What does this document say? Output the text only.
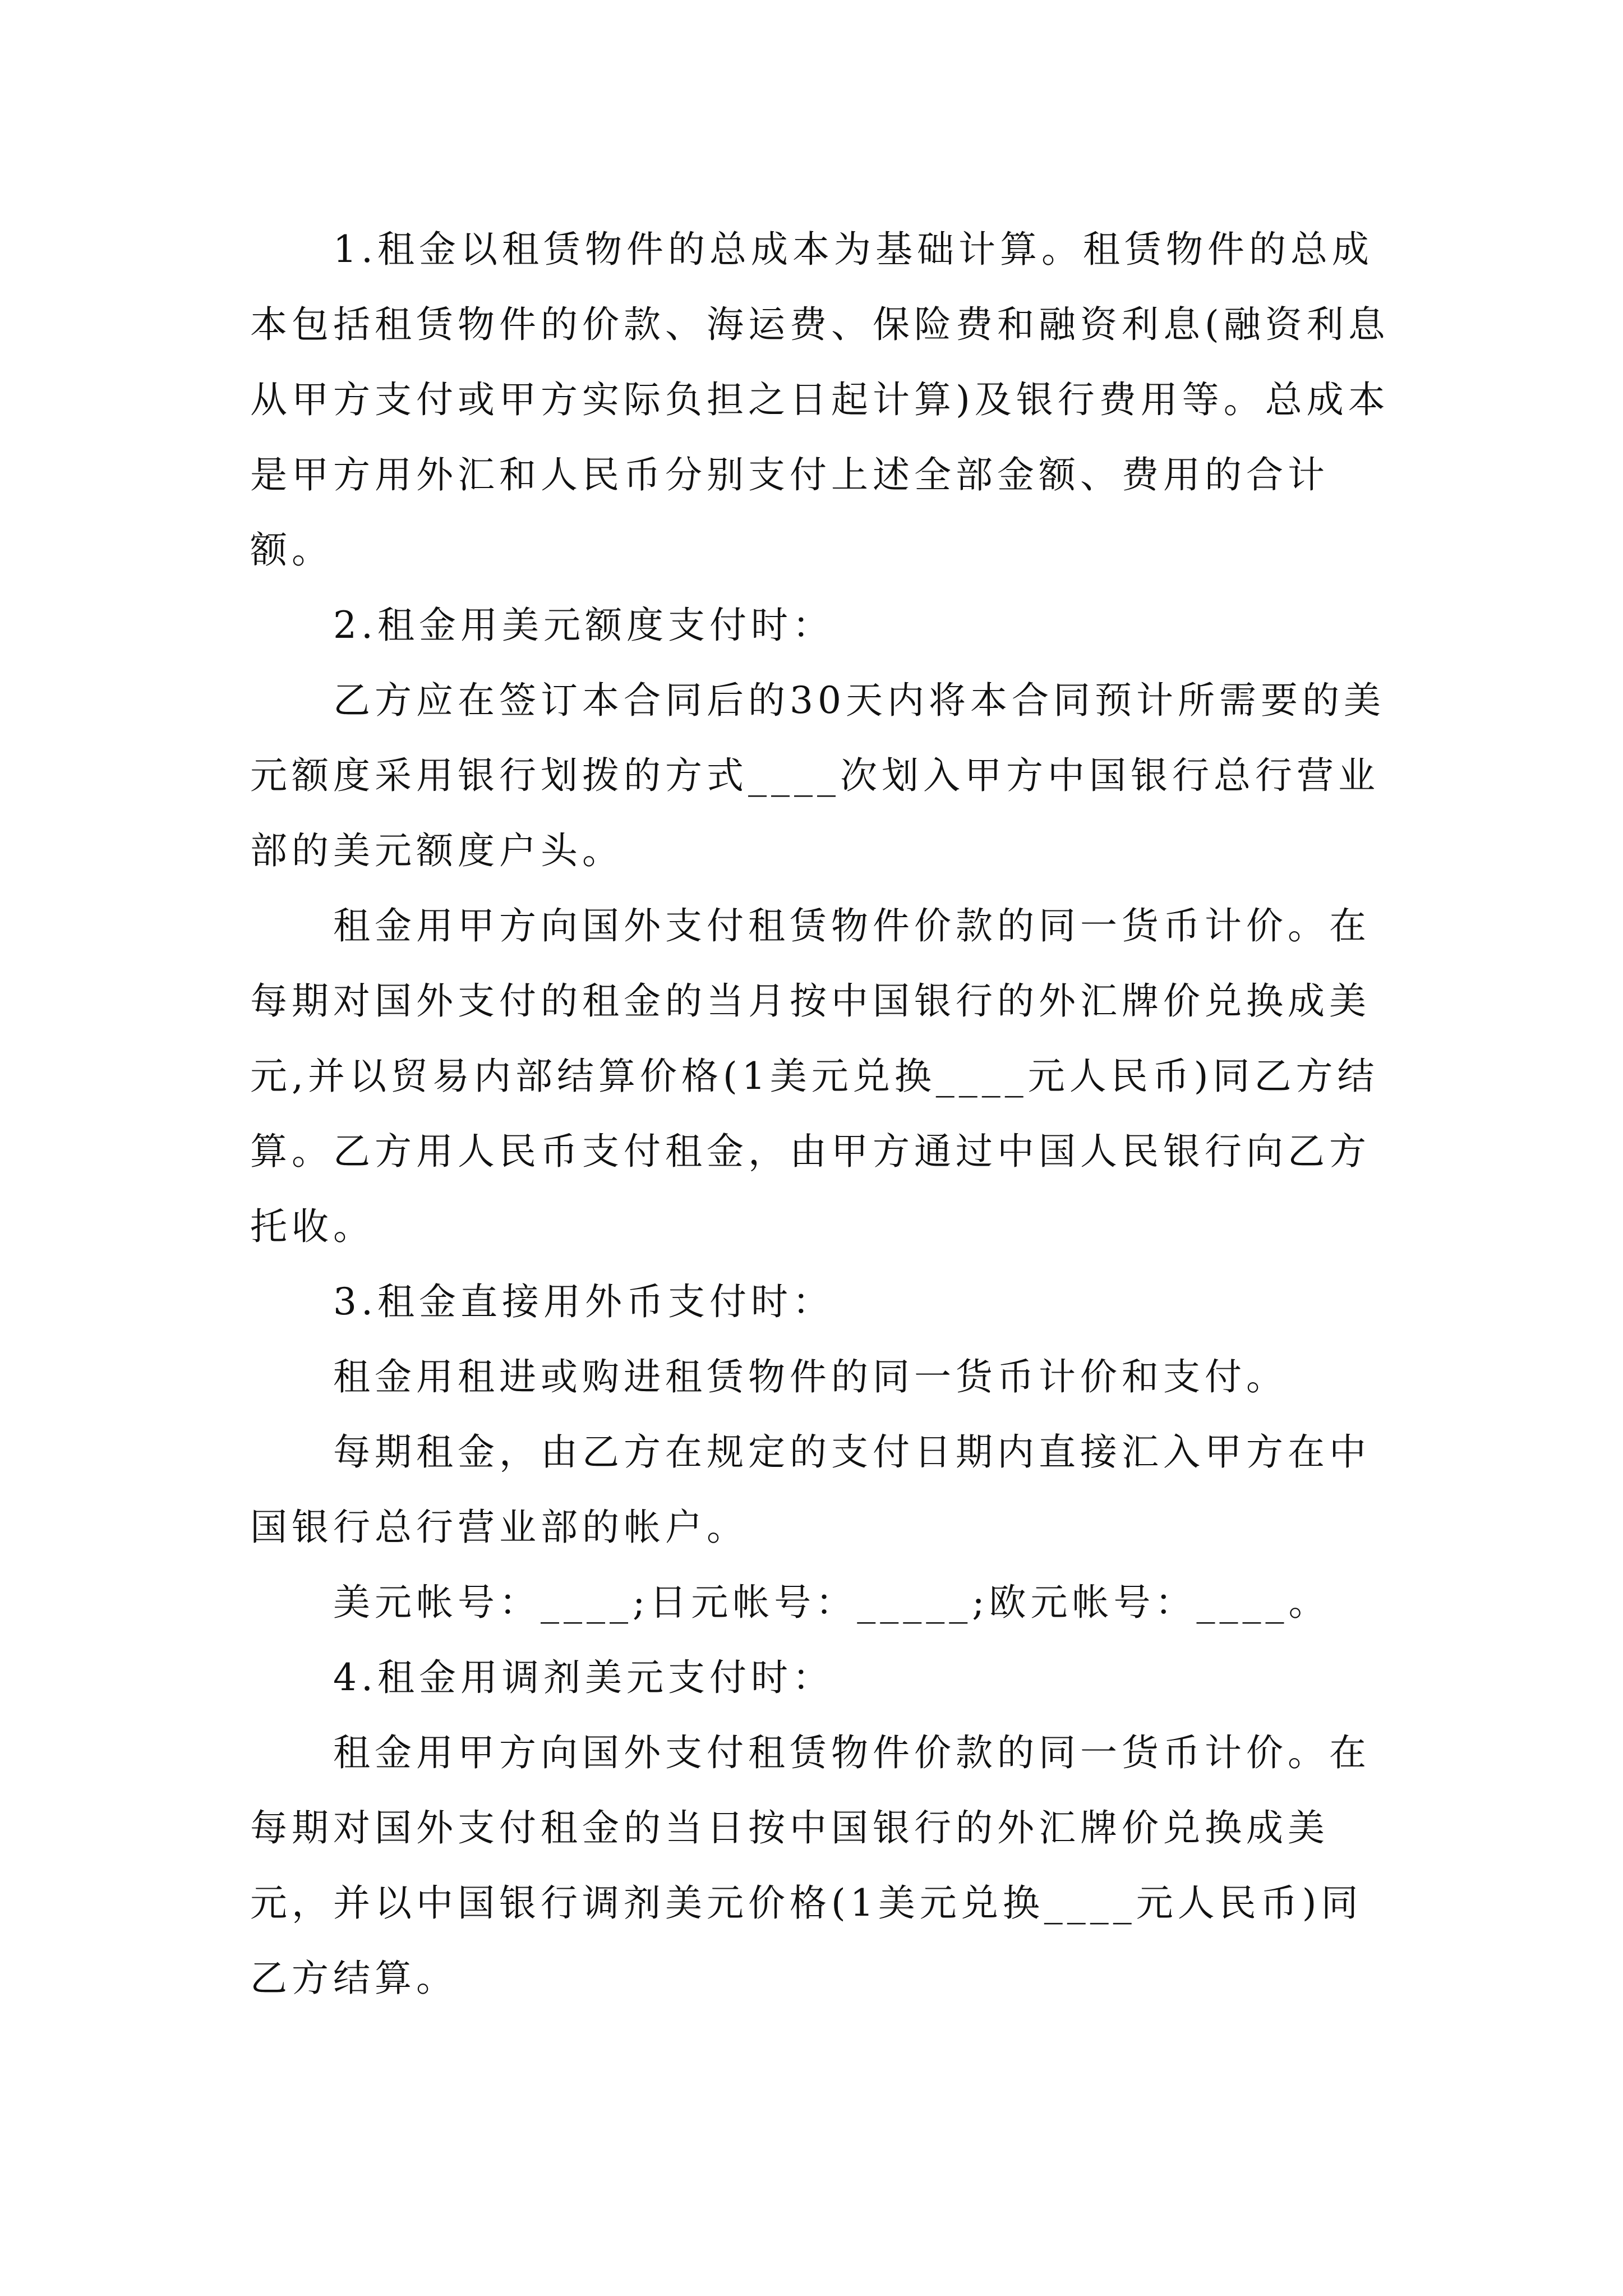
1.租金以租赁物件的总成本为基础计算。租赁物件的总成本包括租赁物件的价款、海运费、保险费和融资利息(融资利息从甲方支付或甲方实际负担之日起计算)及银行费用等。总成本是甲方用外汇和人民币分别支付上述全部金额、费用的合计额。

2.租金用美元额度支付时：

乙方应在签订本合同后的30天内将本合同预计所需要的美元额度采用银行划拨的方式____次划入甲方中国银行总行营业部的美元额度户头。

租金用甲方向国外支付租赁物件价款的同一货币计价。在每期对国外支付的租金的当月按中国银行的外汇牌价兑换成美元,并以贸易内部结算价格(1美元兑换____元人民币)同乙方结算。乙方用人民币支付租金，由甲方通过中国人民银行向乙方托收。

3.租金直接用外币支付时：

租金用租进或购进租赁物件的同一货币计价和支付。

每期租金，由乙方在规定的支付日期内直接汇入甲方在中国银行总行营业部的帐户。

美元帐号：____;日元帐号：_____;欧元帐号：____。

4.租金用调剂美元支付时：

租金用甲方向国外支付租赁物件价款的同一货币计价。在每期对国外支付租金的当日按中国银行的外汇牌价兑换成美元，并以中国银行调剂美元价格(1美元兑换____元人民币)同乙方结算。
